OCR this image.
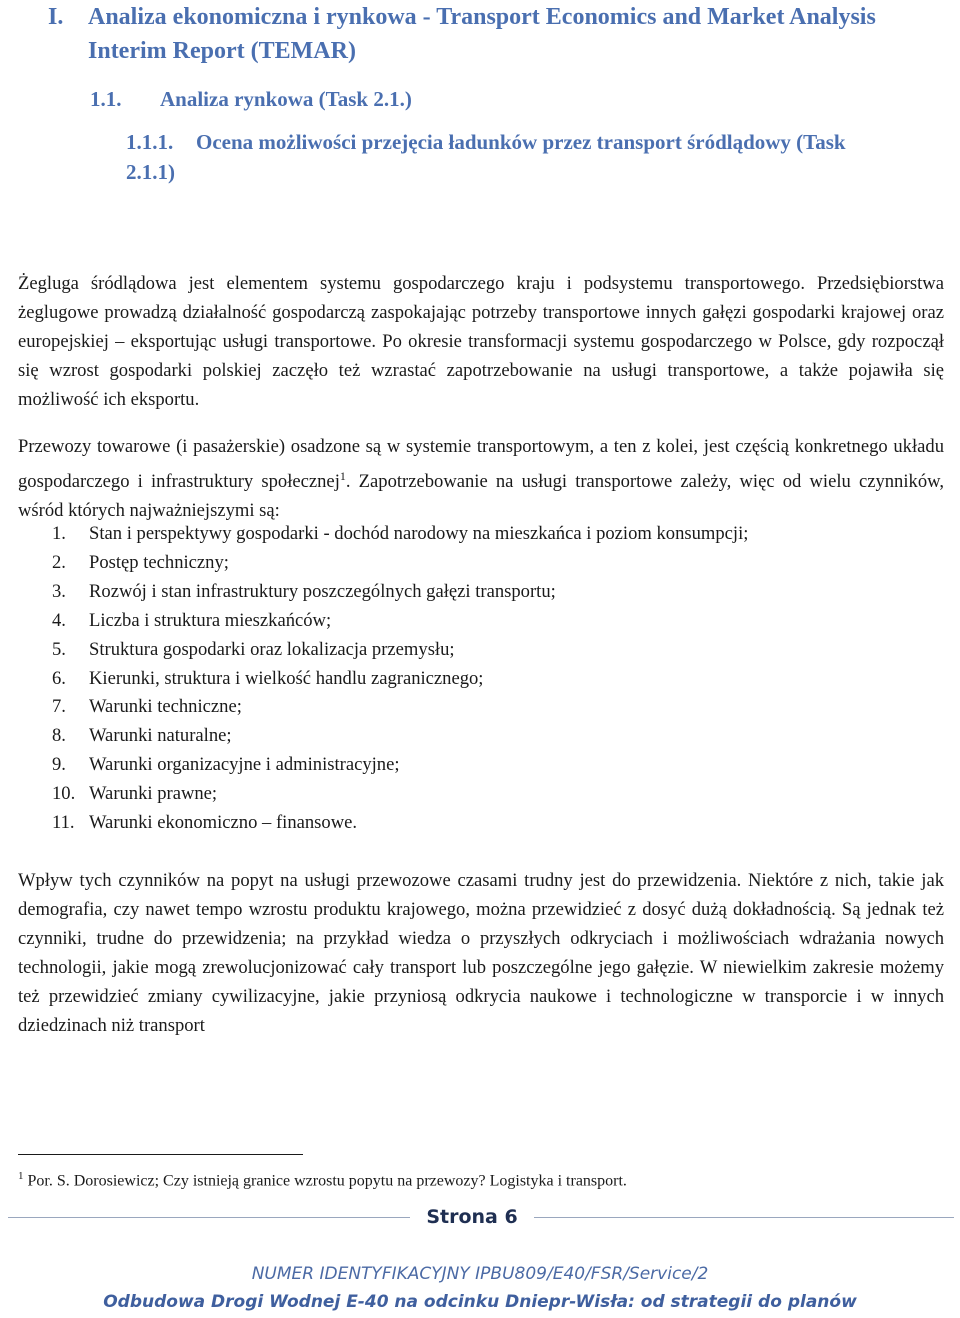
I. Analiza ekonomiczna i rynkowa - Transport Economics and Market Analysis Interim Report (TEMAR)
1.1. Analiza rynkowa (Task 2.1.)
1.1.1. Ocena możliwości przejęcia ładunków przez transport śródlądowy (Task
2.1.1)
Żegluga śródlądowa jest elementem systemu gospodarczego kraju i podsystemu transportowego. Przedsiębiorstwa żeglugowe prowadzą działalność gospodarczą zaspokajając potrzeby transportowe innych gałęzi gospodarki krajowej oraz europejskiej – eksportując usługi transportowe. Po okresie transformacji systemu gospodarczego w Polsce, gdy rozpoczął się wzrost gospodarki polskiej zaczęło też wzrastać zapotrzebowanie na usługi transportowe, a także pojawiła się możliwość ich eksportu.
Przewozy towarowe (i pasażerskie) osadzone są w systemie transportowym, a ten z kolei, jest częścią konkretnego układu gospodarczego i infrastruktury społecznej$^1$. Zapotrzebowanie na usługi transportowe zależy, więc od wielu czynników, wśród których najważniejszymi są:
1. Stan i perspektywy gospodarki - dochód narodowy na mieszkańca i poziom konsumpcji;
2. Postęp techniczny;
3. Rozwój i stan infrastruktury poszczególnych gałęzi transportu;
4. Liczba i struktura mieszkańców;
5. Struktura gospodarki oraz lokalizacja przemysłu;
6. Kierunki, struktura i wielkość handlu zagranicznego;
7. Warunki techniczne;
8. Warunki naturalne;
9. Warunki organizacyjne i administracyjne;
10. Warunki prawne;
11. Warunki ekonomiczno – finansowe.
Wpływ tych czynników na popyt na usługi przewozowe czasami trudny jest do przewidzenia. Niektóre z nich, takie jak demografia, czy nawet tempo wzrostu produktu krajowego, można przewidzieć z dosyć dużą dokładnością. Są jednak też czynniki, trudne do przewidzenia; na przykład wiedza o przyszłych odkryciach i możliwościach wdrażania nowych technologii, jakie mogą zrewolucjonizować cały transport lub poszczególne jego gałęzie. W niewielkim zakresie możemy też przewidzieć zmiany cywilizacyjne, jakie przyniosą odkrycia naukowe i technologiczne w transporcie i w innych dziedzinach niż transport
$^1$ Por. S. Dorosiewicz; Czy istnieją granice wzrostu popytu na przewozy? Logistyka i transport.
Strona 6
NUMER IDENTYFIKACYJNY IPBU809/E40/FSR/Service/2
Odbudowa Drogi Wodnej E-40 na odcinku Dniepr-Wisła: od strategii do planów
